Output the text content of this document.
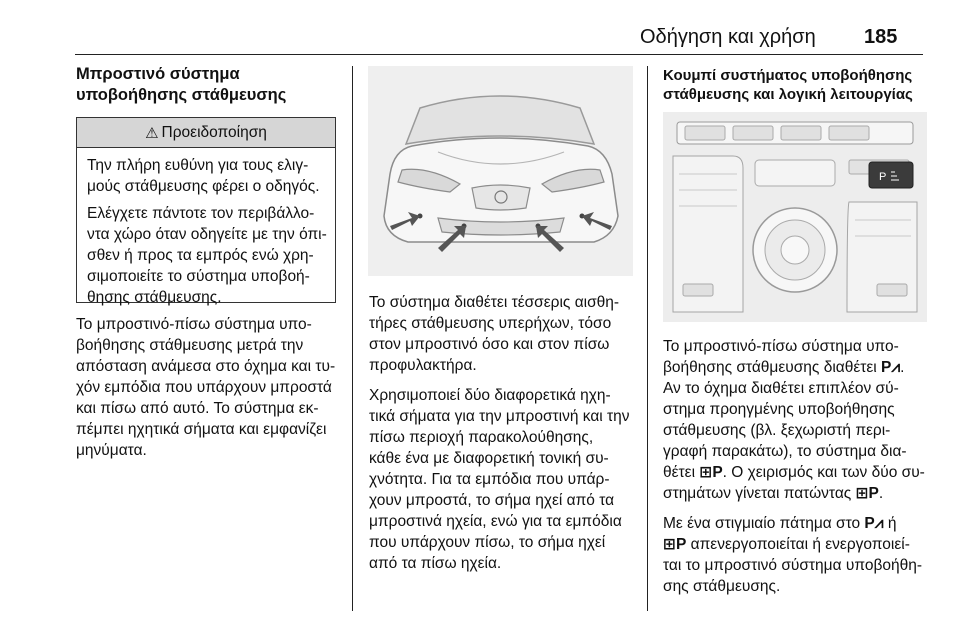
Οδήγηση και χρήση 185
Μπροστινό σύστημα
υποβοήθησης στάθμευσης
⚠ Προειδοποίηση

Την πλήρη ευθύνη για τους ελιγ-
μούς στάθμευσης φέρει ο οδηγός.

Ελέγχετε πάντοτε τον περιβάλλο-
ντα χώρο όταν οδηγείτε με την όπι-
σθεν ή προς τα εμπρός ενώ χρη-
σιμοποιείτε το σύστημα υποβοή-
θησης στάθμευσης.

Το μπροστινό-πίσω σύστημα υπο-
βοήθησης στάθμευσης μετρά την
απόσταση ανάμεσα στο όχημα και τυ-
χόν εμπόδια που υπάρχουν μπροστά
και πίσω από αυτό. Το σύστημα εκ-
πέμπει ηχητικά σήματα και εμφανίζει
μηνύματα.

Το σύστημα διαθέτει τέσσερις αισθη-
τήρες στάθμευσης υπερήχων, τόσο
στον μπροστινό όσο και στον πίσω
προφυλακτήρα.

Χρησιμοποιεί δύο διαφορετικά ηχη-
τικά σήματα για την μπροστινή και την
πίσω περιοχή παρακολούθησης,
κάθε ένα με διαφορετική τονική συ-
χνότητα. Για τα εμπόδια που υπάρ-
χουν μπροστά, το σήμα ηχεί από τα
μπροστινά ηχεία, ενώ για τα εμπόδια
που υπάρχουν πίσω, το σήμα ηχεί
από τα πίσω ηχεία.

Κουμπί συστήματος υποβοήθησης
στάθμευσης και λογική λειτουργίας
P

Το μπροστινό-πίσω σύστημα υπο-
βοήθησης στάθμευσης διαθέτει P⩘.
Αν το όχημα διαθέτει επιπλέον σύ-
στημα προηγμένης υποβοήθησης
στάθμευσης (βλ. ξεχωριστή περι-
γραφή παρακάτω), το σύστημα δια-
θέτει ⊞P. Ο χειρισμός και των δύο συ-
στημάτων γίνεται πατώντας ⊞P.

Με ένα στιγμιαίο πάτημα στο P⩘ ή
⊞P απενεργοποιείται ή ενεργοποιεί-
ται το μπροστινό σύστημα υποβοήθη-
σης στάθμευσης.
